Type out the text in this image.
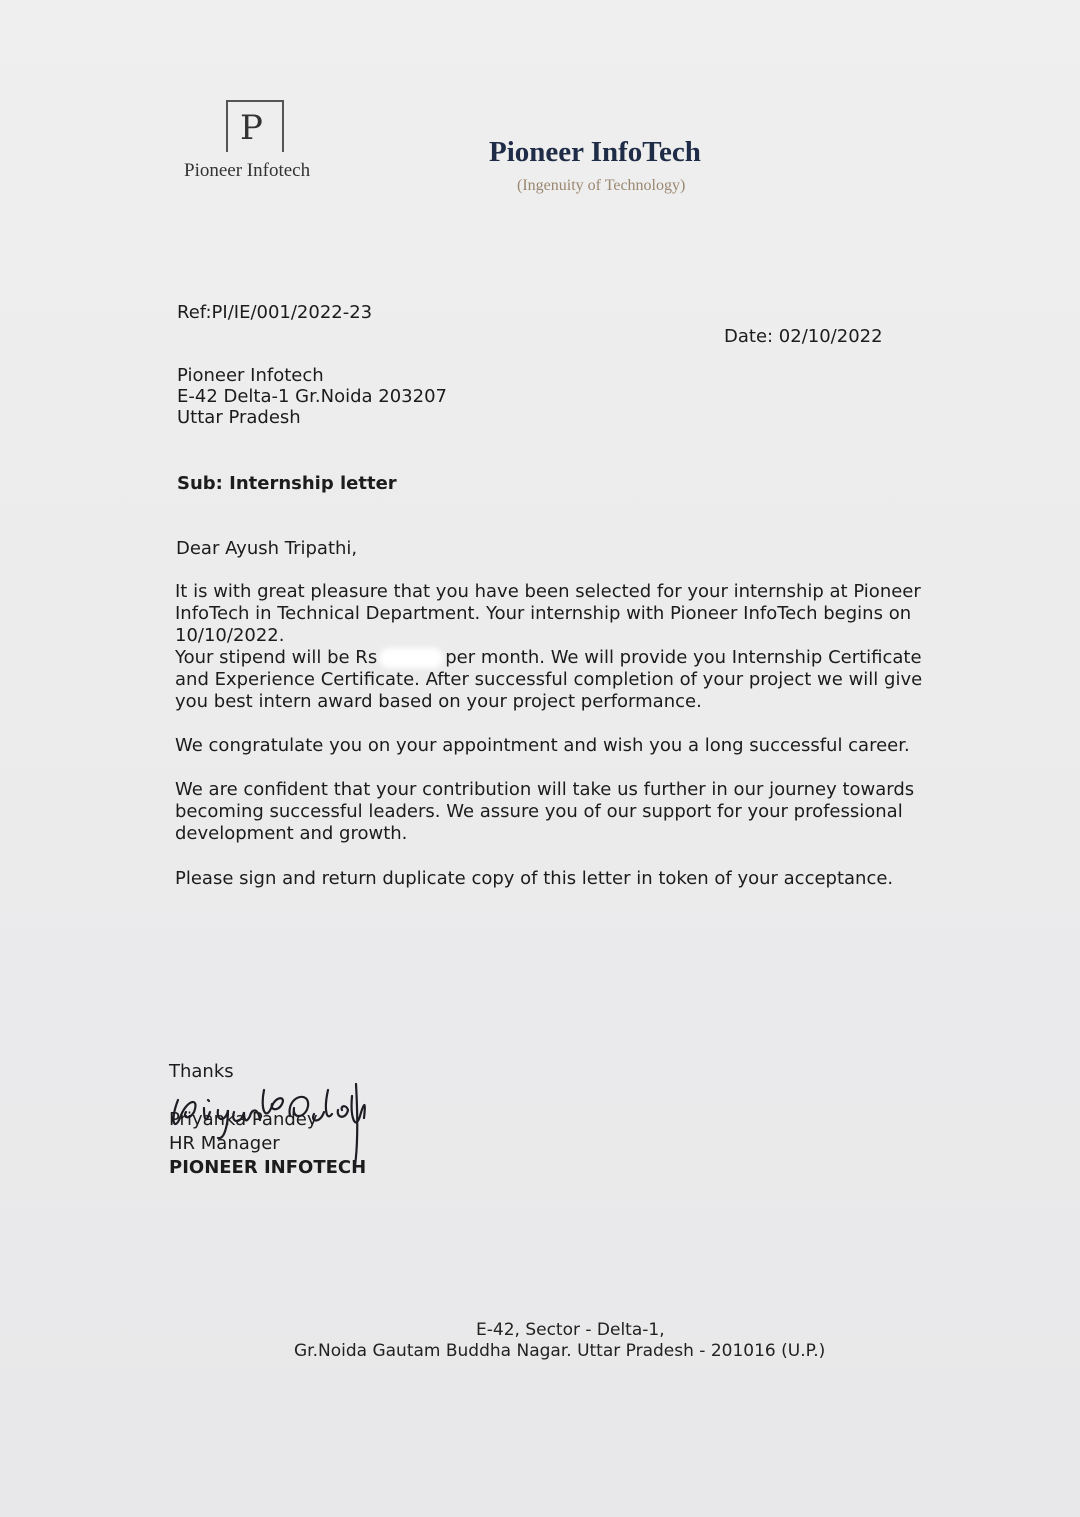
P
Pioneer Infotech
Pioneer InfoTech
(Ingenuity of Technology)
Ref:PI/IE/001/2022-23
Date: 02/10/2022
Pioneer Infotech
E-42 Delta-1 Gr.Noida 203207
Uttar Pradesh
Sub: Internship letter
Dear Ayush Tripathi,

It is with great pleasure that you have been selected for your internship at Pioneer InfoTech in Technical Department. Your internship with Pioneer InfoTech begins on 10/10/2022.

Your stipend will be Rs	per month. We will provide you Internship Certificate and Experience Certificate. After successful completion of your project we will give you best intern award based on your project performance.

We congratulate you on your appointment and wish you a long successful career.

We are confident that your contribution will take us further in our journey towards becoming successful leaders. We assure you of our support for your professional development and growth.

Please sign and return duplicate copy of this letter in token of your acceptance.

Thanks
Priyanka Pandey
HR Manager
PIONEER INFOTECH
E-42, Sector - Delta-1,
Gr.Noida Gautam Buddha Nagar. Uttar Pradesh - 201016 (U.P.)
